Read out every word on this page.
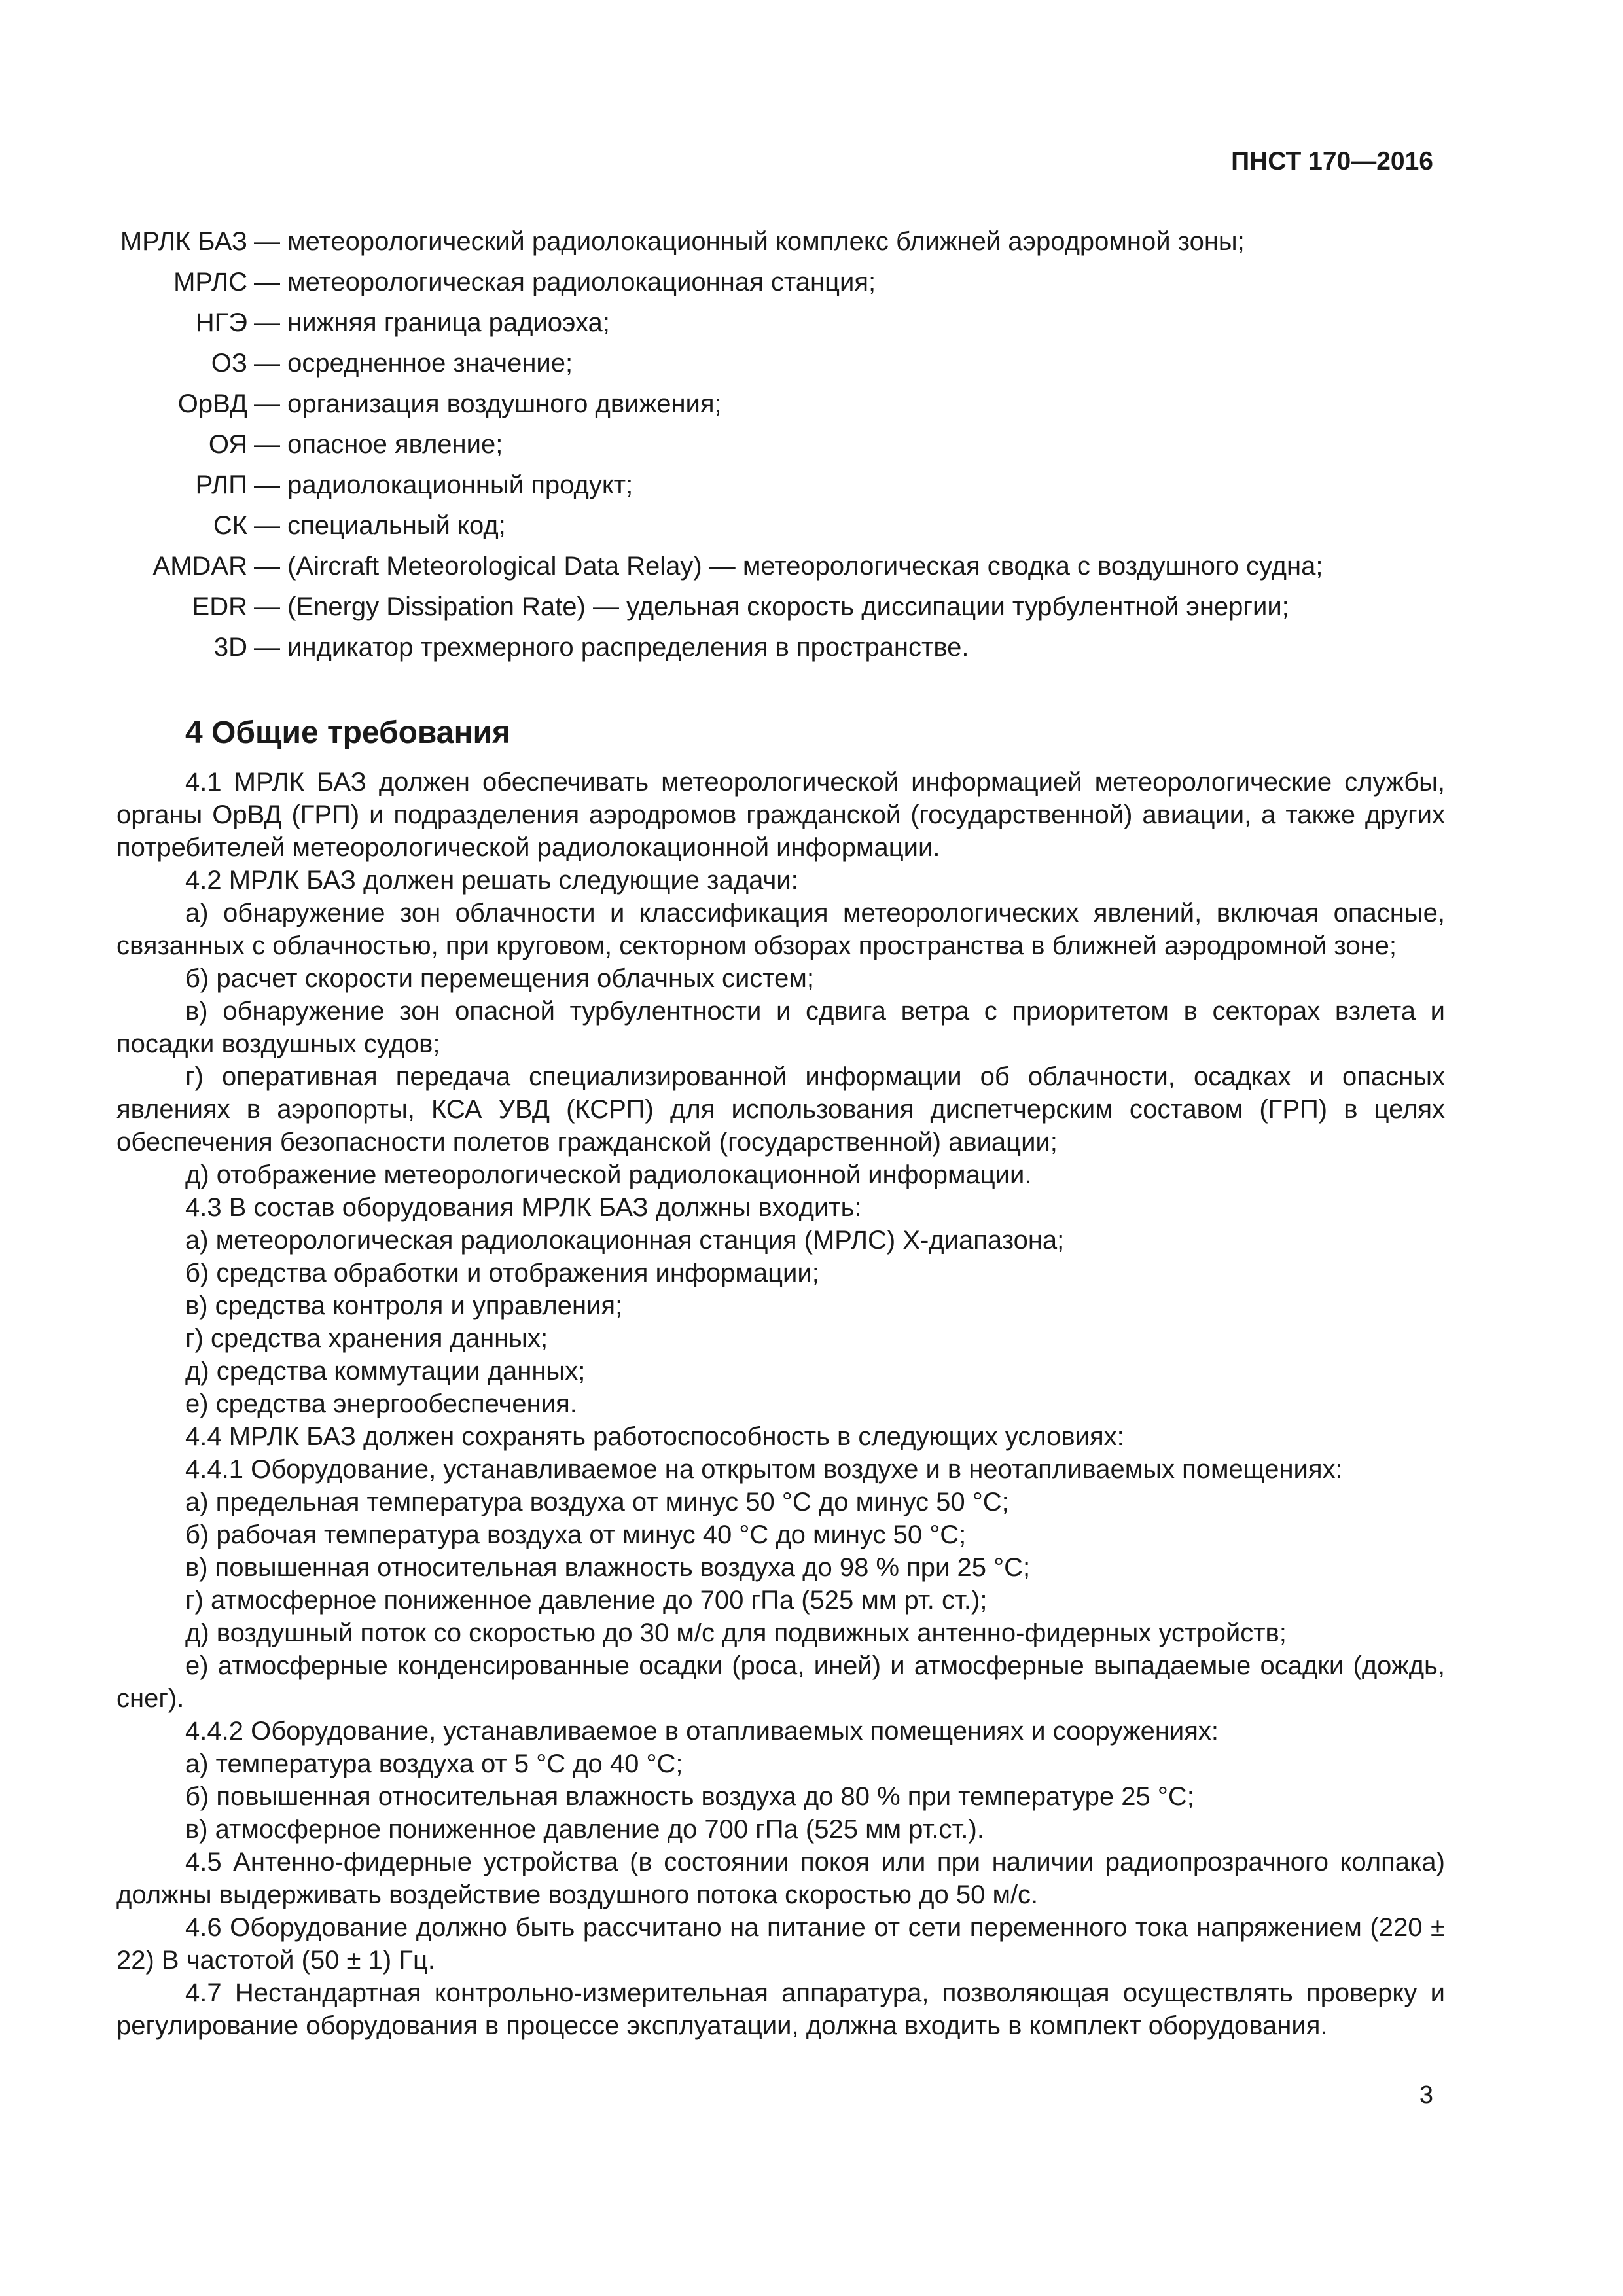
ПНСТ 170—2016
МРЛК БАЗ — метеорологический радиолокационный комплекс ближней аэродромной зоны;
МРЛС — метеорологическая радиолокационная станция;
НГЭ — нижняя граница радиоэха;
ОЗ — осредненное значение;
ОрВД — организация воздушного движения;
ОЯ — опасное явление;
РЛП — радиолокационный продукт;
СК — специальный код;
AMDAR — (Aircraft Meteorological Data Relay) — метеорологическая сводка с воздушного судна;
EDR — (Energy Dissipation Rate) — удельная скорость диссипации турбулентной энергии;
3D — индикатор трехмерного распределения в пространстве.
4 Общие требования

4.1 МРЛК БАЗ должен обеспечивать метеорологической информацией метеорологические службы, органы ОрВД (ГРП) и подразделения аэродромов гражданской (государственной) авиации, а также других потребителей метеорологической радиолокационной информации.

4.2 МРЛК БАЗ должен решать следующие задачи:

а) обнаружение зон облачности и классификация метеорологических явлений, включая опасные, связанных с облачностью, при круговом, секторном обзорах пространства в ближней аэродромной зоне;

б) расчет скорости перемещения облачных систем;

в) обнаружение зон опасной турбулентности и сдвига ветра с приоритетом в секторах взлета и посадки воздушных судов;

г) оперативная передача специализированной информации об облачности, осадках и опасных явлениях в аэропорты, КСА УВД (КСРП) для использования диспетчерским составом (ГРП) в целях обеспечения безопасности полетов гражданской (государственной) авиации;

д) отображение метеорологической радиолокационной информации.

4.3 В состав оборудования МРЛК БАЗ должны входить:

а) метеорологическая радиолокационная станция (МРЛС) X-диапазона;

б) средства обработки и отображения информации;

в) средства контроля и управления;

г) средства хранения данных;

д) средства коммутации данных;

е) средства энергообеспечения.

4.4 МРЛК БАЗ должен сохранять работоспособность в следующих условиях:

4.4.1 Оборудование, устанавливаемое на открытом воздухе и в неотапливаемых помещениях:

а) предельная температура воздуха от минус 50 °С до минус 50 °С;

б) рабочая температура воздуха от минус 40 °С до минус 50 °С;

в) повышенная относительная влажность воздуха до 98 % при 25 °С;

г) атмосферное пониженное давление до 700 гПа (525 мм рт. ст.);

д) воздушный поток со скоростью до 30 м/с для подвижных антенно-фидерных устройств;

е) атмосферные конденсированные осадки (роса, иней) и атмосферные выпадаемые осадки (дождь, снег).

4.4.2 Оборудование, устанавливаемое в отапливаемых помещениях и сооружениях:

а) температура воздуха от 5 °С до 40 °С;

б) повышенная относительная влажность воздуха до 80 % при температуре 25 °С;

в) атмосферное пониженное давление до 700 гПа (525 мм рт.ст.).

4.5 Антенно-фидерные устройства (в состоянии покоя или при наличии радиопрозрачного колпака) должны выдерживать воздействие воздушного потока скоростью до 50 м/с.

4.6 Оборудование должно быть рассчитано на питание от сети переменного тока напряжением (220 ± 22) В частотой (50 ± 1) Гц.

4.7 Нестандартная контрольно-измерительная аппаратура, позволяющая осуществлять проверку и регулирование оборудования в процессе эксплуатации, должна входить в комплект оборудования.

3
